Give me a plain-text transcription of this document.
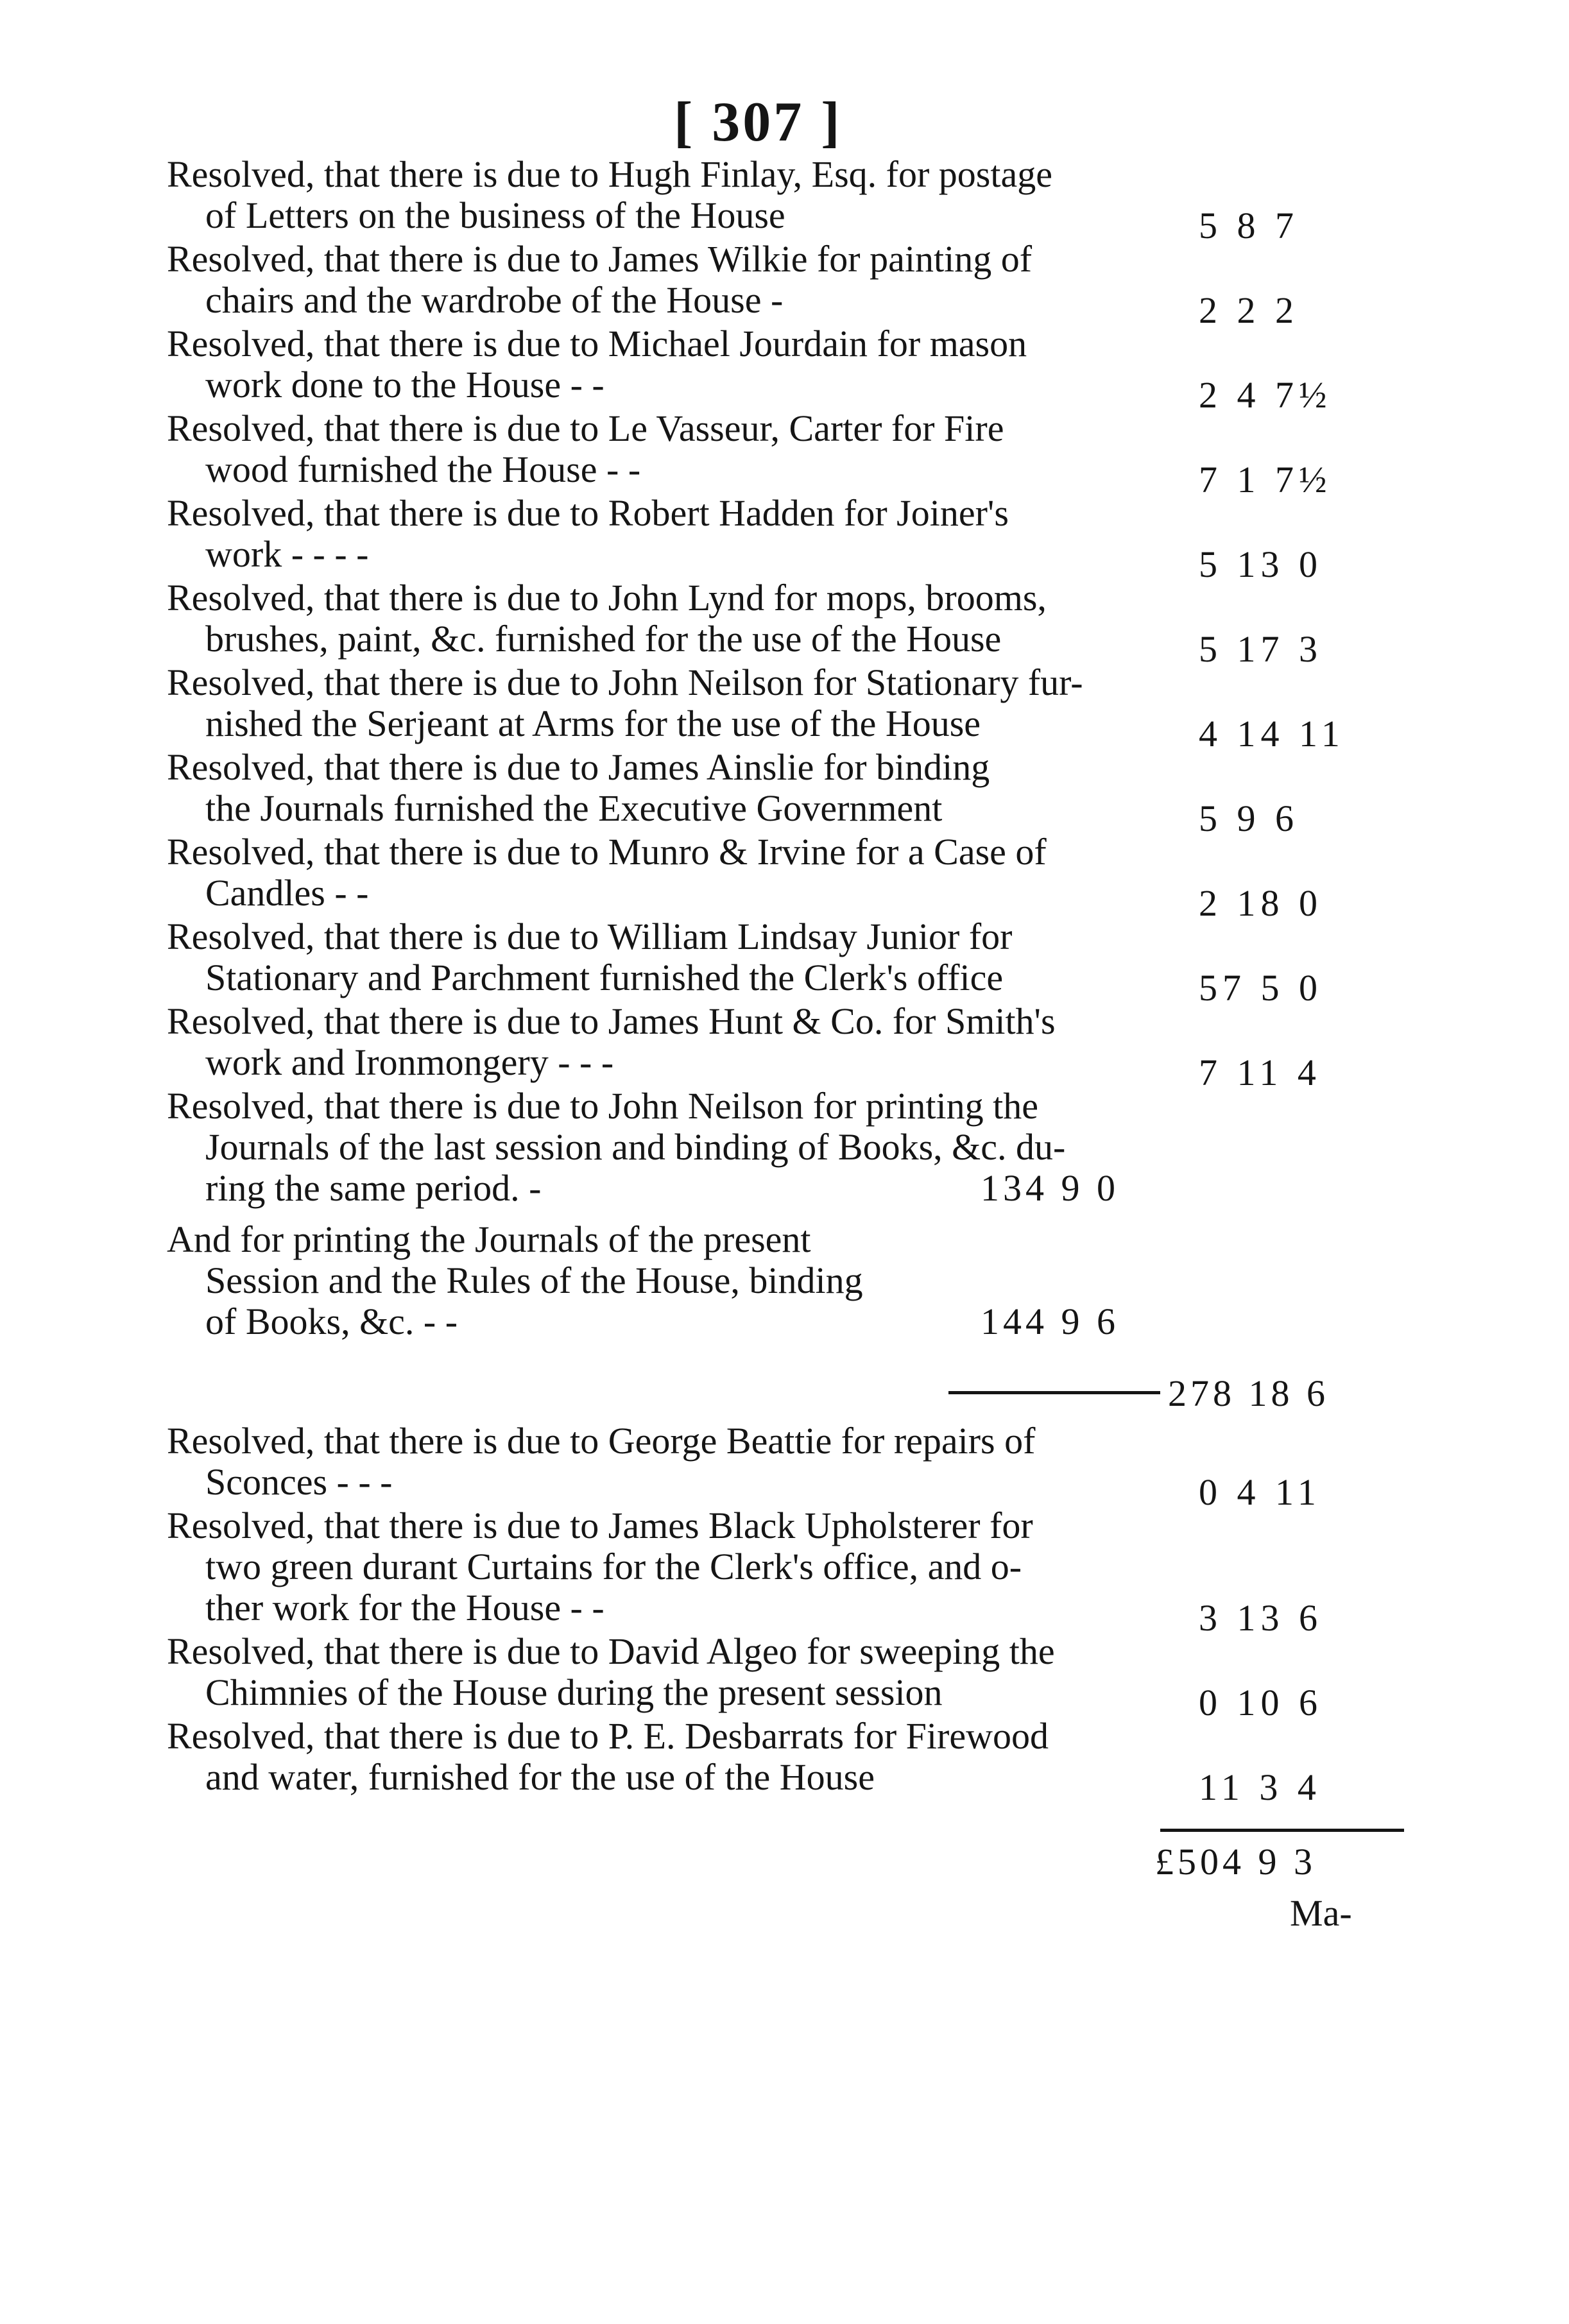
[ 307 ]
Resolved, that there is due to Hugh Finlay, Esq. for postage
of Letters on the business of the House	5 8 7
Resolved, that there is due to James Wilkie for painting of
chairs and the wardrobe of the House -	2 2 2
Resolved, that there is due to Michael Jourdain for mason
work done to the House - -	2 4 7½
Resolved, that there is due to Le Vasseur, Carter for Fire
wood furnished the House - -	7 1 7½
Resolved, that there is due to Robert Hadden for Joiner's
work - - - -	5 13 0
Resolved, that there is due to John Lynd for mops, brooms,
brushes, paint, &c. furnished for the use of the House	5 17 3
Resolved, that there is due to John Neilson for Stationary fur-
nished the Serjeant at Arms for the use of the House	4 14 11
Resolved, that there is due to James Ainslie for binding
the Journals furnished the Executive Government	5 9 6
Resolved, that there is due to Munro & Irvine for a Case of
Candles - -	2 18 0
Resolved, that there is due to William Lindsay Junior for
Stationary and Parchment furnished the Clerk's office	57 5 0
Resolved, that there is due to James Hunt & Co. for Smith's
work and Ironmongery - - -	7 11 4
Resolved, that there is due to John Neilson for printing the
Journals of the last session and binding of Books, &c. du-
ring the same period. -	134 9 0
And for printing the Journals of the present
Session and the Rules of the House, binding
of Books, &c. - -	144 9 6
278 18 6
Resolved, that there is due to George Beattie for repairs of
Sconces - - -	0 4 11
Resolved, that there is due to James Black Upholsterer for
two green durant Curtains for the Clerk's office, and o-
ther work for the House - -	3 13 6
Resolved, that there is due to David Algeo for sweeping the
Chimnies of the House during the present session	0 10 6
Resolved, that there is due to P. E. Desbarrats for Firewood
and water, furnished for the use of the House	11 3 4
£504 9 3
Ma-
